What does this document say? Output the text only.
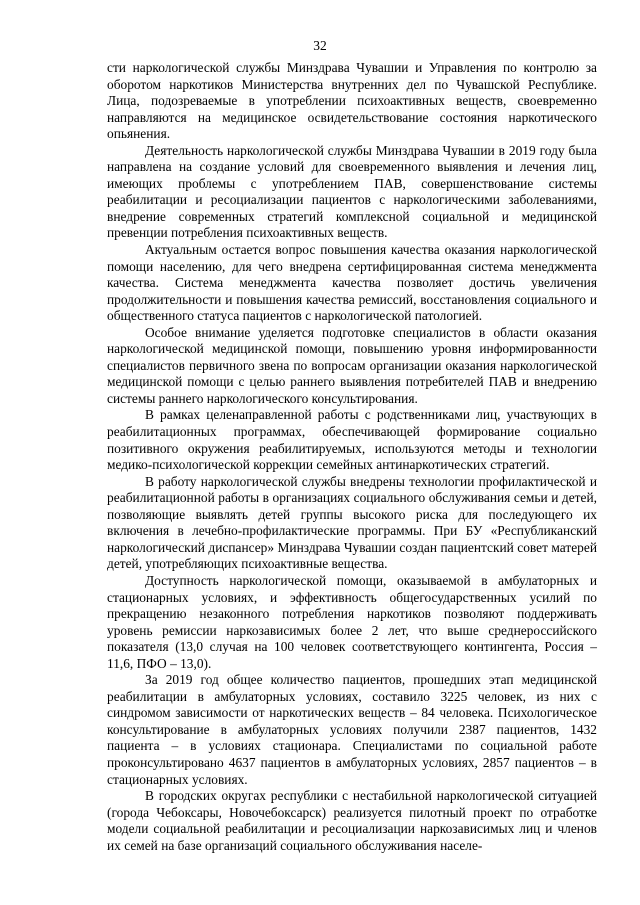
32

сти наркологической службы Минздрава Чувашии и Управления по контролю за оборотом наркотиков Министерства внутренних дел по Чувашской Республике. Лица, подозреваемые в употреблении психоактивных веществ, своевременно направляются на медицинское освидетельствование состояния наркотического опьянения.

Деятельность наркологической службы Минздрава Чувашии в 2019 году была направлена на создание условий для своевременного выявления и лечения лиц, имеющих проблемы с употреблением ПАВ, совершенствование системы реабилитации и ресоциализации пациентов с наркологическими заболеваниями, внедрение современных стратегий комплексной социальной и медицинской превенции потребления психоактивных веществ.

Актуальным остается вопрос повышения качества оказания наркологической помощи населению, для чего внедрена сертифицированная система менеджмента качества. Система менеджмента качества позволяет достичь увеличения продолжительности и повышения качества ремиссий, восстановления социального и общественного статуса пациентов с наркологической патологией.

Особое внимание уделяется подготовке специалистов в области оказания наркологической медицинской помощи, повышению уровня информированности специалистов первичного звена по вопросам организации оказания наркологической медицинской помощи с целью раннего выявления потребителей ПАВ и внедрению системы раннего наркологического консультирования.

В рамках целенаправленной работы с родственниками лиц, участвующих в реабилитационных программах, обеспечивающей формирование социально позитивного окружения реабилитируемых, используются методы и технологии медико-психологической коррекции семейных антинаркотических стратегий.

В работу наркологической службы внедрены технологии профилактической и реабилитационной работы в организациях социального обслуживания семьи и детей, позволяющие выявлять детей группы высокого риска для последующего их включения в лечебно-профилактические программы. При БУ «Республиканский наркологический диспансер» Минздрава Чувашии создан пациентский совет матерей детей, употребляющих психоактивные вещества.

Доступность наркологической помощи, оказываемой в амбулаторных и стационарных условиях, и эффективность общегосударственных усилий по прекращению незаконного потребления наркотиков позволяют поддерживать уровень ремиссии наркозависимых более 2 лет, что выше среднероссийского показателя (13,0 случая на 100 человек соответствующего контингента, Россия – 11,6, ПФО – 13,0).

За 2019 год общее количество пациентов, прошедших этап медицинской реабилитации в амбулаторных условиях, составило 3225 человек, из них с синдромом зависимости от наркотических веществ – 84 человека. Психологическое консультирование в амбулаторных условиях получили 2387 пациентов, 1432 пациента – в условиях стационара. Специалистами по социальной работе проконсультировано 4637 пациентов в амбулаторных условиях, 2857 пациентов – в стационарных условиях.

В городских округах республики с нестабильной наркологической ситуацией (города Чебоксары, Новочебоксарск) реализуется пилотный проект по отработке модели социальной реабилитации и ресоциализации наркозависимых лиц и членов их семей на базе организаций социального обслуживания населе-
